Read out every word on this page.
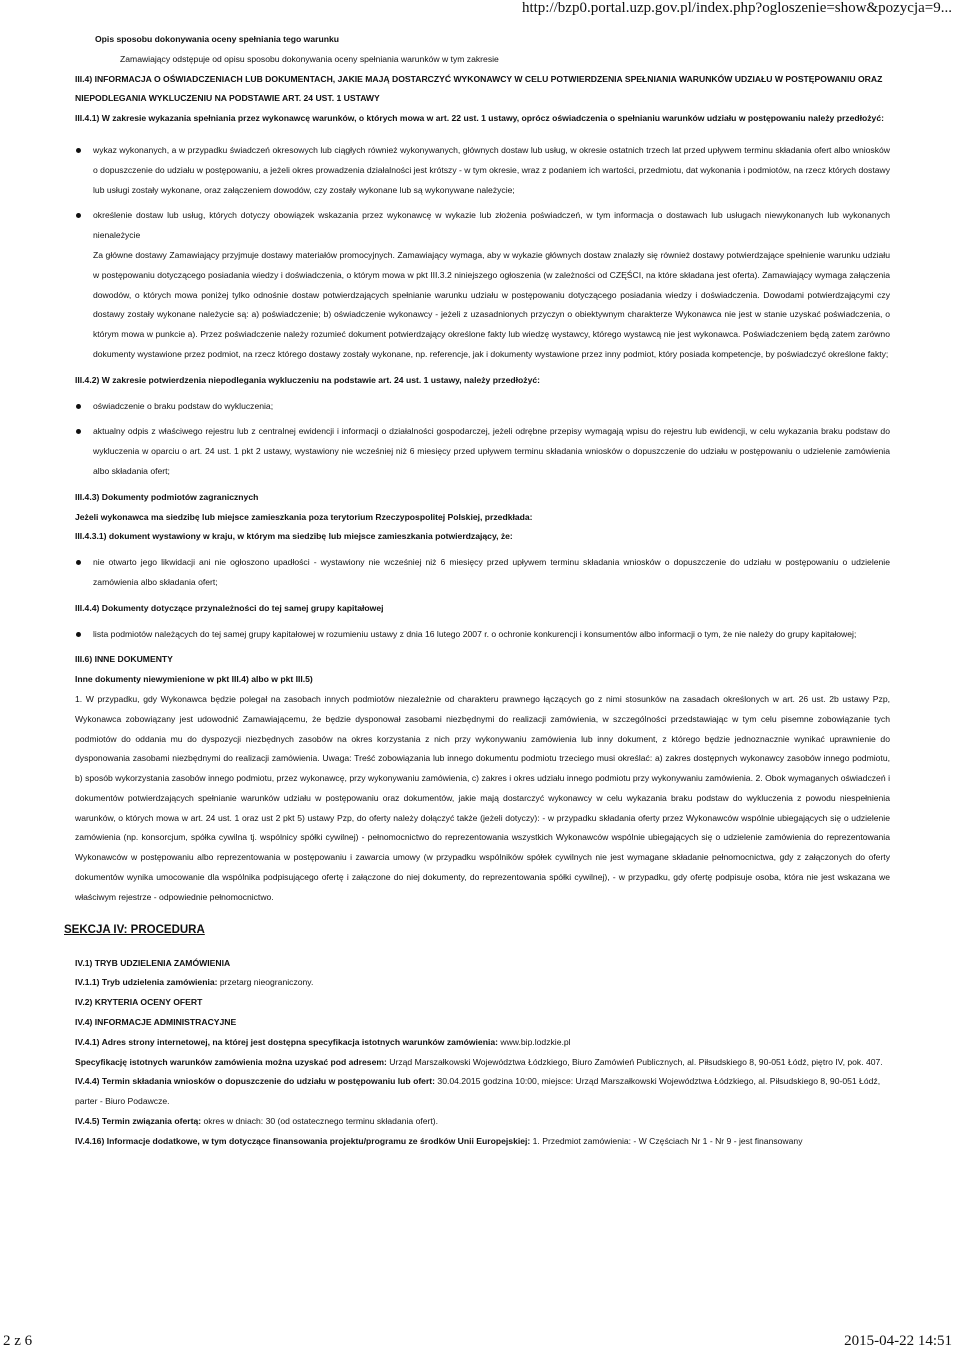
http://bzp0.portal.uzp.gov.pl/index.php?ogloszenie=show&pozycja=9...

Opis sposobu dokonywania oceny spełniania tego warunku

Zamawiający odstępuje od opisu sposobu dokonywania oceny spełniania warunków w tym zakresie

III.4) INFORMACJA O OŚWIADCZENIACH LUB DOKUMENTACH, JAKIE MAJĄ DOSTARCZYĆ WYKONAWCY W CELU POTWIERDZENIA SPEŁNIANIA WARUNKÓW UDZIAŁU W POSTĘPOWANIU ORAZ NIEPODLEGANIA WYKLUCZENIU NA PODSTAWIE ART. 24 UST. 1 USTAWY

III.4.1) W zakresie wykazania spełniania przez wykonawcę warunków, o których mowa w art. 22 ust. 1 ustawy, oprócz oświadczenia o spełnianiu warunków udziału w postępowaniu należy przedłożyć:

wykaz wykonanych, a w przypadku świadczeń okresowych lub ciągłych również wykonywanych, głównych dostaw lub usług, w okresie ostatnich trzech lat przed upływem terminu składania ofert albo wniosków o dopuszczenie do udziału w postępowaniu, a jeżeli okres prowadzenia działalności jest krótszy - w tym okresie, wraz z podaniem ich wartości, przedmiotu, dat wykonania i podmiotów, na rzecz których dostawy lub usługi zostały wykonane, oraz załączeniem dowodów, czy zostały wykonane lub są wykonywane należycie;
określenie dostaw lub usług, których dotyczy obowiązek wskazania przez wykonawcę w wykazie lub złożenia poświadczeń, w tym informacja o dostawach lub usługach niewykonanych lub wykonanych nienależycie

Za główne dostawy Zamawiający przyjmuje dostawy materiałów promocyjnych. Zamawiający wymaga, aby w wykazie głównych dostaw znalazły się również dostawy potwierdzające spełnienie warunku udziału w postępowaniu dotyczącego posiadania wiedzy i doświadczenia, o którym mowa w pkt III.3.2 niniejszego ogłoszenia (w zależności od CZĘŚCI, na które składana jest oferta). Zamawiający wymaga załączenia dowodów, o których mowa poniżej tylko odnośnie dostaw potwierdzających spełnianie warunku udziału w postępowaniu dotyczącego posiadania wiedzy i doświadczenia. Dowodami potwierdzającymi czy dostawy zostały wykonane należycie są: a) poświadczenie; b) oświadczenie wykonawcy - jeżeli z uzasadnionych przyczyn o obiektywnym charakterze Wykonawca nie jest w stanie uzyskać poświadczenia, o którym mowa w punkcie a). Przez poświadczenie należy rozumieć dokument potwierdzający określone fakty lub wiedzę wystawcy, którego wystawcą nie jest wykonawca. Poświadczeniem będą zatem zarówno dokumenty wystawione przez podmiot, na rzecz którego dostawy zostały wykonane, np. referencje, jak i dokumenty wystawione przez inny podmiot, który posiada kompetencje, by poświadczyć określone fakty;

III.4.2) W zakresie potwierdzenia niepodlegania wykluczeniu na podstawie art. 24 ust. 1 ustawy, należy przedłożyć:

oświadczenie o braku podstaw do wykluczenia;
aktualny odpis z właściwego rejestru lub z centralnej ewidencji i informacji o działalności gospodarczej, jeżeli odrębne przepisy wymagają wpisu do rejestru lub ewidencji, w celu wykazania braku podstaw do wykluczenia w oparciu o art. 24 ust. 1 pkt 2 ustawy, wystawiony nie wcześniej niż 6 miesięcy przed upływem terminu składania wniosków o dopuszczenie do udziału w postępowaniu o udzielenie zamówienia albo składania ofert;

III.4.3) Dokumenty podmiotów zagranicznych

Jeżeli wykonawca ma siedzibę lub miejsce zamieszkania poza terytorium Rzeczypospolitej Polskiej, przedkłada:

III.4.3.1) dokument wystawiony w kraju, w którym ma siedzibę lub miejsce zamieszkania potwierdzający, że:

nie otwarto jego likwidacji ani nie ogłoszono upadłości - wystawiony nie wcześniej niż 6 miesięcy przed upływem terminu składania wniosków o dopuszczenie do udziału w postępowaniu o udzielenie zamówienia albo składania ofert;

III.4.4) Dokumenty dotyczące przynależności do tej samej grupy kapitałowej

lista podmiotów należących do tej samej grupy kapitałowej w rozumieniu ustawy z dnia 16 lutego 2007 r. o ochronie konkurencji i konsumentów albo informacji o tym, że nie należy do grupy kapitałowej;

III.6) INNE DOKUMENTY

Inne dokumenty niewymienione w pkt III.4) albo w pkt III.5)

1. W przypadku, gdy Wykonawca będzie polegał na zasobach innych podmiotów niezależnie od charakteru prawnego łączących go z nimi stosunków na zasadach określonych w art. 26 ust. 2b ustawy Pzp, Wykonawca zobowiązany jest udowodnić Zamawiającemu, że będzie dysponował zasobami niezbędnymi do realizacji zamówienia, w szczególności przedstawiając w tym celu pisemne zobowiązanie tych podmiotów do oddania mu do dyspozycji niezbędnych zasobów na okres korzystania z nich przy wykonywaniu zamówienia lub inny dokument, z którego będzie jednoznacznie wynikać uprawnienie do dysponowania zasobami niezbędnymi do realizacji zamówienia. Uwaga: Treść zobowiązania lub innego dokumentu podmiotu trzeciego musi określać: a) zakres dostępnych wykonawcy zasobów innego podmiotu, b) sposób wykorzystania zasobów innego podmiotu, przez wykonawcę, przy wykonywaniu zamówienia, c) zakres i okres udziału innego podmiotu przy wykonywaniu zamówienia. 2. Obok wymaganych oświadczeń i dokumentów potwierdzających spełnianie warunków udziału w postępowaniu oraz dokumentów, jakie mają dostarczyć wykonawcy w celu wykazania braku podstaw do wykluczenia z powodu niespełnienia warunków, o których mowa w art. 24 ust. 1 oraz ust 2 pkt 5) ustawy Pzp, do oferty należy dołączyć także (jeżeli dotyczy): - w przypadku składania oferty przez Wykonawców wspólnie ubiegających się o udzielenie zamówienia (np. konsorcjum, spółka cywilna tj. wspólnicy spółki cywilnej) - pełnomocnictwo do reprezentowania wszystkich Wykonawców wspólnie ubiegających się o udzielenie zamówienia do reprezentowania Wykonawców w postępowaniu albo reprezentowania w postępowaniu i zawarcia umowy (w przypadku wspólników spółek cywilnych nie jest wymagane składanie pełnomocnictwa, gdy z załączonych do oferty dokumentów wynika umocowanie dla wspólnika podpisującego ofertę i załączone do niej dokumenty, do reprezentowania spółki cywilnej), - w przypadku, gdy ofertę podpisuje osoba, która nie jest wskazana we właściwym rejestrze - odpowiednie pełnomocnictwo.

SEKCJA IV: PROCEDURA

IV.1) TRYB UDZIELENIA ZAMÓWIENIA

IV.1.1) Tryb udzielenia zamówienia: przetarg nieograniczony.

IV.2) KRYTERIA OCENY OFERT

IV.4) INFORMACJE ADMINISTRACYJNE

IV.4.1) Adres strony internetowej, na której jest dostępna specyfikacja istotnych warunków zamówienia: www.bip.lodzkie.pl

Specyfikację istotnych warunków zamówienia można uzyskać pod adresem: Urząd Marszałkowski Województwa Łódzkiego, Biuro Zamówień Publicznych, al. Piłsudskiego 8, 90-051 Łódź, piętro IV, pok. 407.

IV.4.4) Termin składania wniosków o dopuszczenie do udziału w postępowaniu lub ofert: 30.04.2015 godzina 10:00, miejsce: Urząd Marszałkowski Województwa Łódzkiego, al. Piłsudskiego 8, 90-051 Łódź, parter - Biuro Podawcze.

IV.4.5) Termin związania ofertą: okres w dniach: 30 (od ostatecznego terminu składania ofert).

IV.4.16) Informacje dodatkowe, w tym dotyczące finansowania projektu/programu ze środków Unii Europejskiej: 1. Przedmiot zamówienia: - W Częściach Nr 1 - Nr 9 - jest finansowany

2 z 6	2015-04-22 14:51
